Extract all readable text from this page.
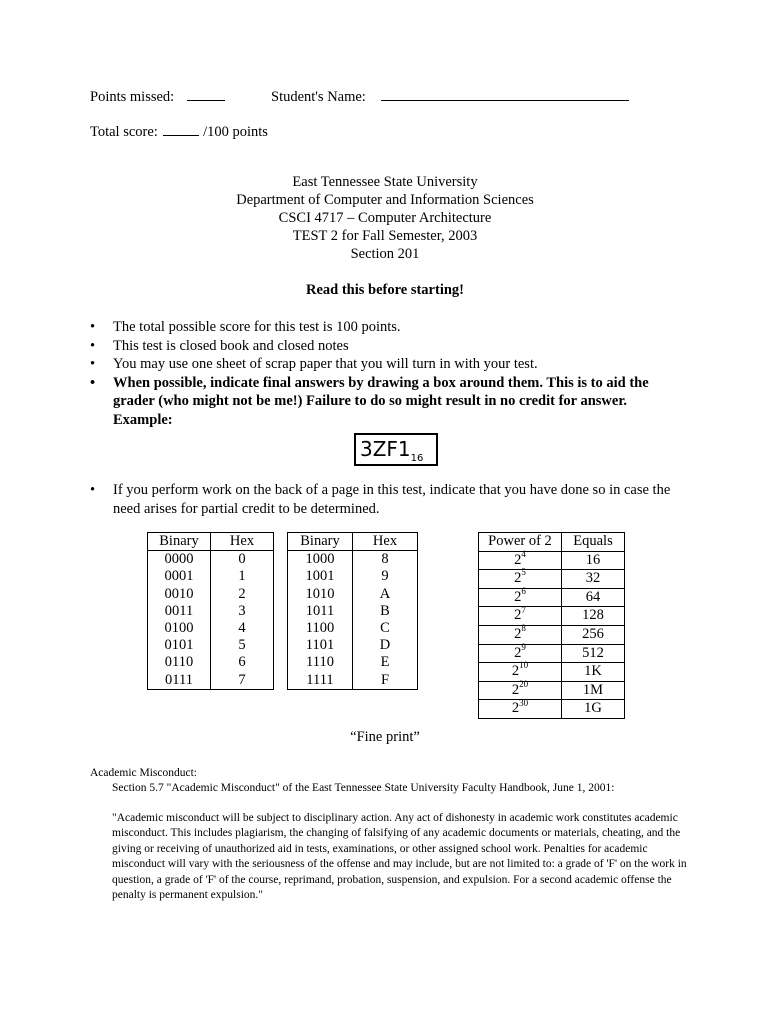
Points missed:	Student's Name:
Total score:	/100 points
East Tennessee State University
Department of Computer and Information Sciences
CSCI 4717 – Computer Architecture
TEST 2 for Fall Semester, 2003
Section 201
Read this before starting!
•	The total possible score for this test is 100 points.
•	This test is closed book and closed notes
•	You may use one sheet of scrap paper that you will turn in with your test.
•	When possible, indicate final answers by drawing a box around them. This is to aid the grader (who might not be me!) Failure to do so might result in no credit for answer. Example:
$3ZF1_{16}$
•	If you perform work on the back of a page in this test, indicate that you have done so in case the need arises for partial credit to be determined.
Binary	Hex
0000	0
0001	1
0010	2
0011	3
0100	4
0101	5
0110	6
0111	7
Binary	Hex
1000	8
1001	9
1010	A
1011	B
1100	C
1101	D
1110	E
1111	F
Power of 2	Equals
$2^4$	16
$2^5$	32
$2^6$	64
$2^7$	128
$2^8$	256
$2^9$	512
$2^{10}$	1K
$2^{20}$	1M
$2^{30}$	1G
“Fine print”
Academic Misconduct:
Section 5.7 "Academic Misconduct" of the East Tennessee State University Faculty Handbook, June 1, 2001:
"Academic misconduct will be subject to disciplinary action. Any act of dishonesty in academic work constitutes academic misconduct. This includes plagiarism, the changing of falsifying of any academic documents or materials, cheating, and the giving or receiving of unauthorized aid in tests, examinations, or other assigned school work. Penalties for academic misconduct will vary with the seriousness of the offense and may include, but are not limited to: a grade of 'F' on the work in question, a grade of 'F' of the course, reprimand, probation, suspension, and expulsion. For a second academic offense the penalty is permanent expulsion."
